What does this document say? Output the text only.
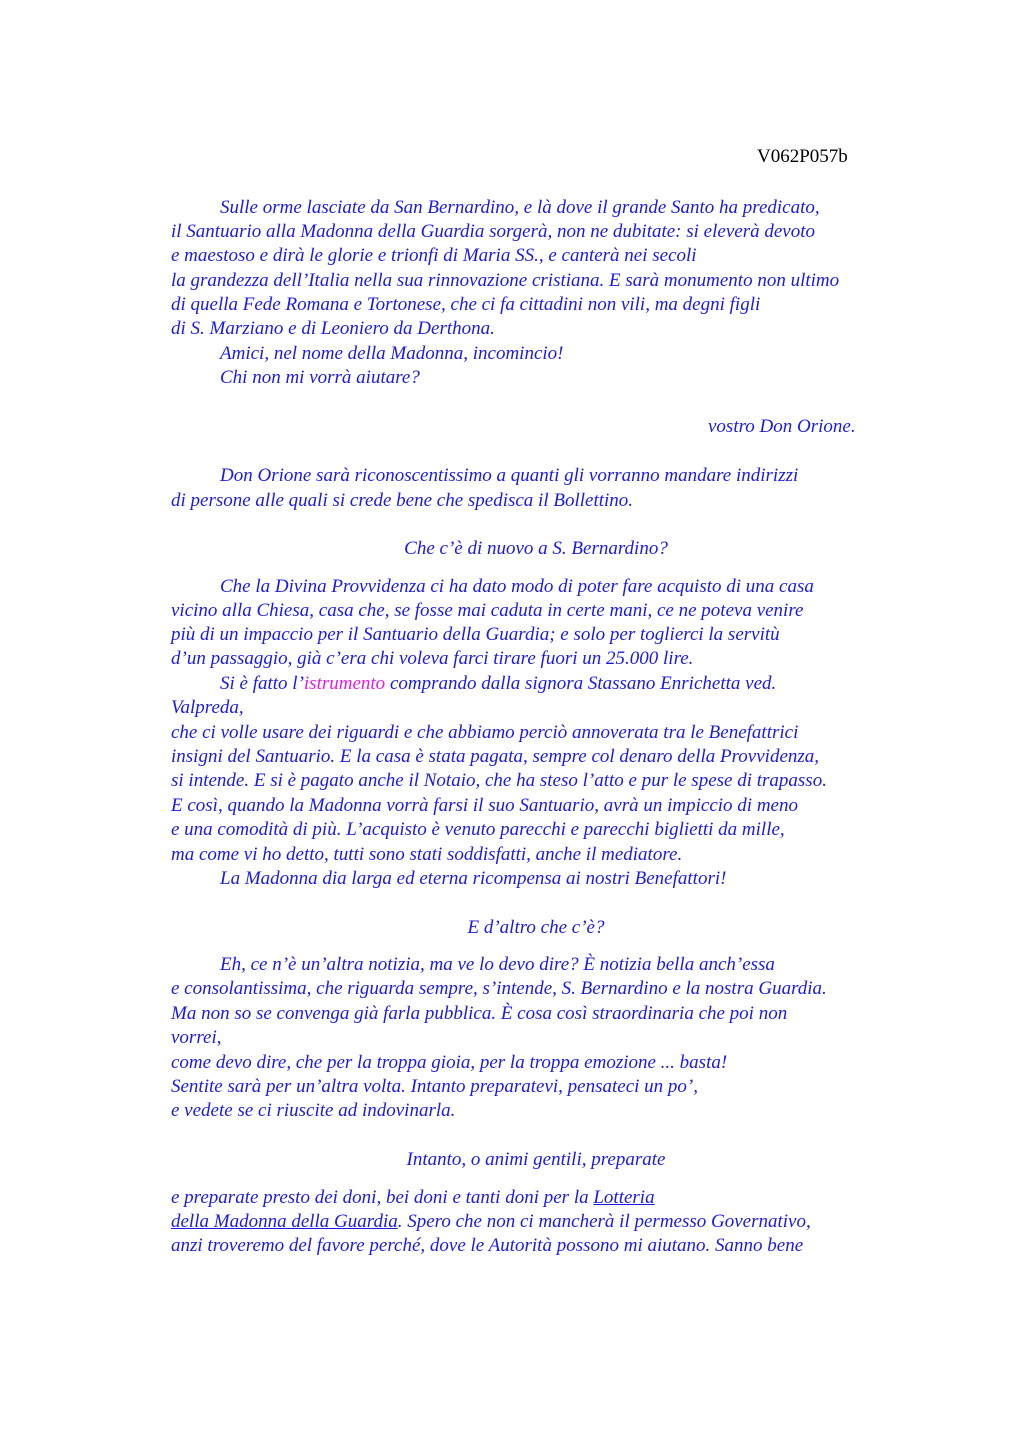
V062P057b
Sulle orme lasciate da San Bernardino, e là dove il grande Santo ha predicato,
il Santuario alla Madonna della Guardia sorgerà, non ne dubitate: si eleverà devoto
e maestoso e dirà le glorie e trionfi di Maria SS., e canterà nei secoli
la grandezza dell’Italia nella sua rinnovazione cristiana. E sarà monumento non ultimo
di quella Fede Romana e Tortonese, che ci fa cittadini non vili, ma degni figli
di S. Marziano e di Leoniero da Derthona.
Amici, nel nome della Madonna, incomincio!
Chi non mi vorrà aiutare?
vostro Don Orione.
Don Orione sarà riconoscentissimo a quanti gli vorranno mandare indirizzi
di persone alle quali si crede bene che spedisca il Bollettino.
Che c’è di nuovo a S. Bernardino?
Che la Divina Provvidenza ci ha dato modo di poter fare acquisto di una casa
vicino alla Chiesa, casa che, se fosse mai caduta in certe mani, ce ne poteva venire
più di un impaccio per il Santuario della Guardia; e solo per toglierci la servitù
d’un passaggio, già c’era chi voleva farci tirare fuori un 25.000 lire.
Si è fatto l’istrumento comprando dalla signora Stassano Enrichetta ved.
Valpreda,
che ci volle usare dei riguardi e che abbiamo perciò annoverata tra le Benefattrici
insigni del Santuario. E la casa è stata pagata, sempre col denaro della Provvidenza,
si intende. E si è pagato anche il Notaio, che ha steso l’atto e pur le spese di trapasso.
E così, quando la Madonna vorrà farsi il suo Santuario, avrà un impiccio di meno
e una comodità di più. L’acquisto è venuto parecchi e parecchi biglietti da mille,
ma come vi ho detto, tutti sono stati soddisfatti, anche il mediatore.
La Madonna dia larga ed eterna ricompensa ai nostri Benefattori!
E d’altro che c’è?
Eh, ce n’è un’altra notizia, ma ve lo devo dire? È notizia bella anch’essa
e consolantissima, che riguarda sempre, s’intende, S. Bernardino e la nostra Guardia.
Ma non so se convenga già farla pubblica. È cosa così straordinaria che poi non
vorrei,
come devo dire, che per la troppa gioia, per la troppa emozione ... basta!
Sentite sarà per un’altra volta. Intanto preparatevi, pensateci un po’,
e vedete se ci riuscite ad indovinarla.
Intanto, o animi gentili, preparate
e preparate presto dei doni, bei doni e tanti doni per la Lotteria
della Madonna della Guardia. Spero che non ci mancherà il permesso Governativo,
anzi troveremo del favore perché, dove le Autorità possono mi aiutano. Sanno bene
